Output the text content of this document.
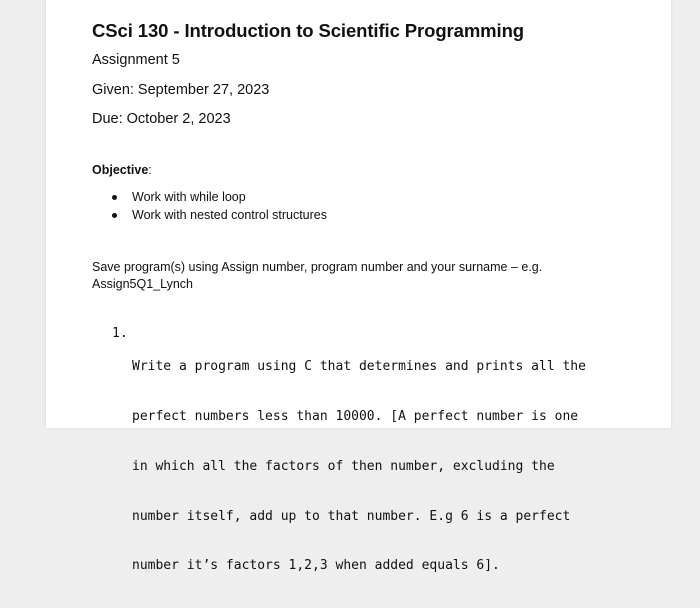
CSci 130 - Introduction to Scientific Programming
Assignment 5
Given: September 27, 2023
Due: October 2, 2023
Objective:
Work with while loop
Work with nested control structures
Save program(s) using Assign number, program number and your surname – e.g.
Assign5Q1_Lynch

1.

Write a program using C that determines and prints all the

perfect numbers less than 10000. [A perfect number is one

in which all the factors of then number, excluding the

number itself, add up to that number. E.g 6 is a perfect

number it’s factors 1,2,3 when added equals 6].
